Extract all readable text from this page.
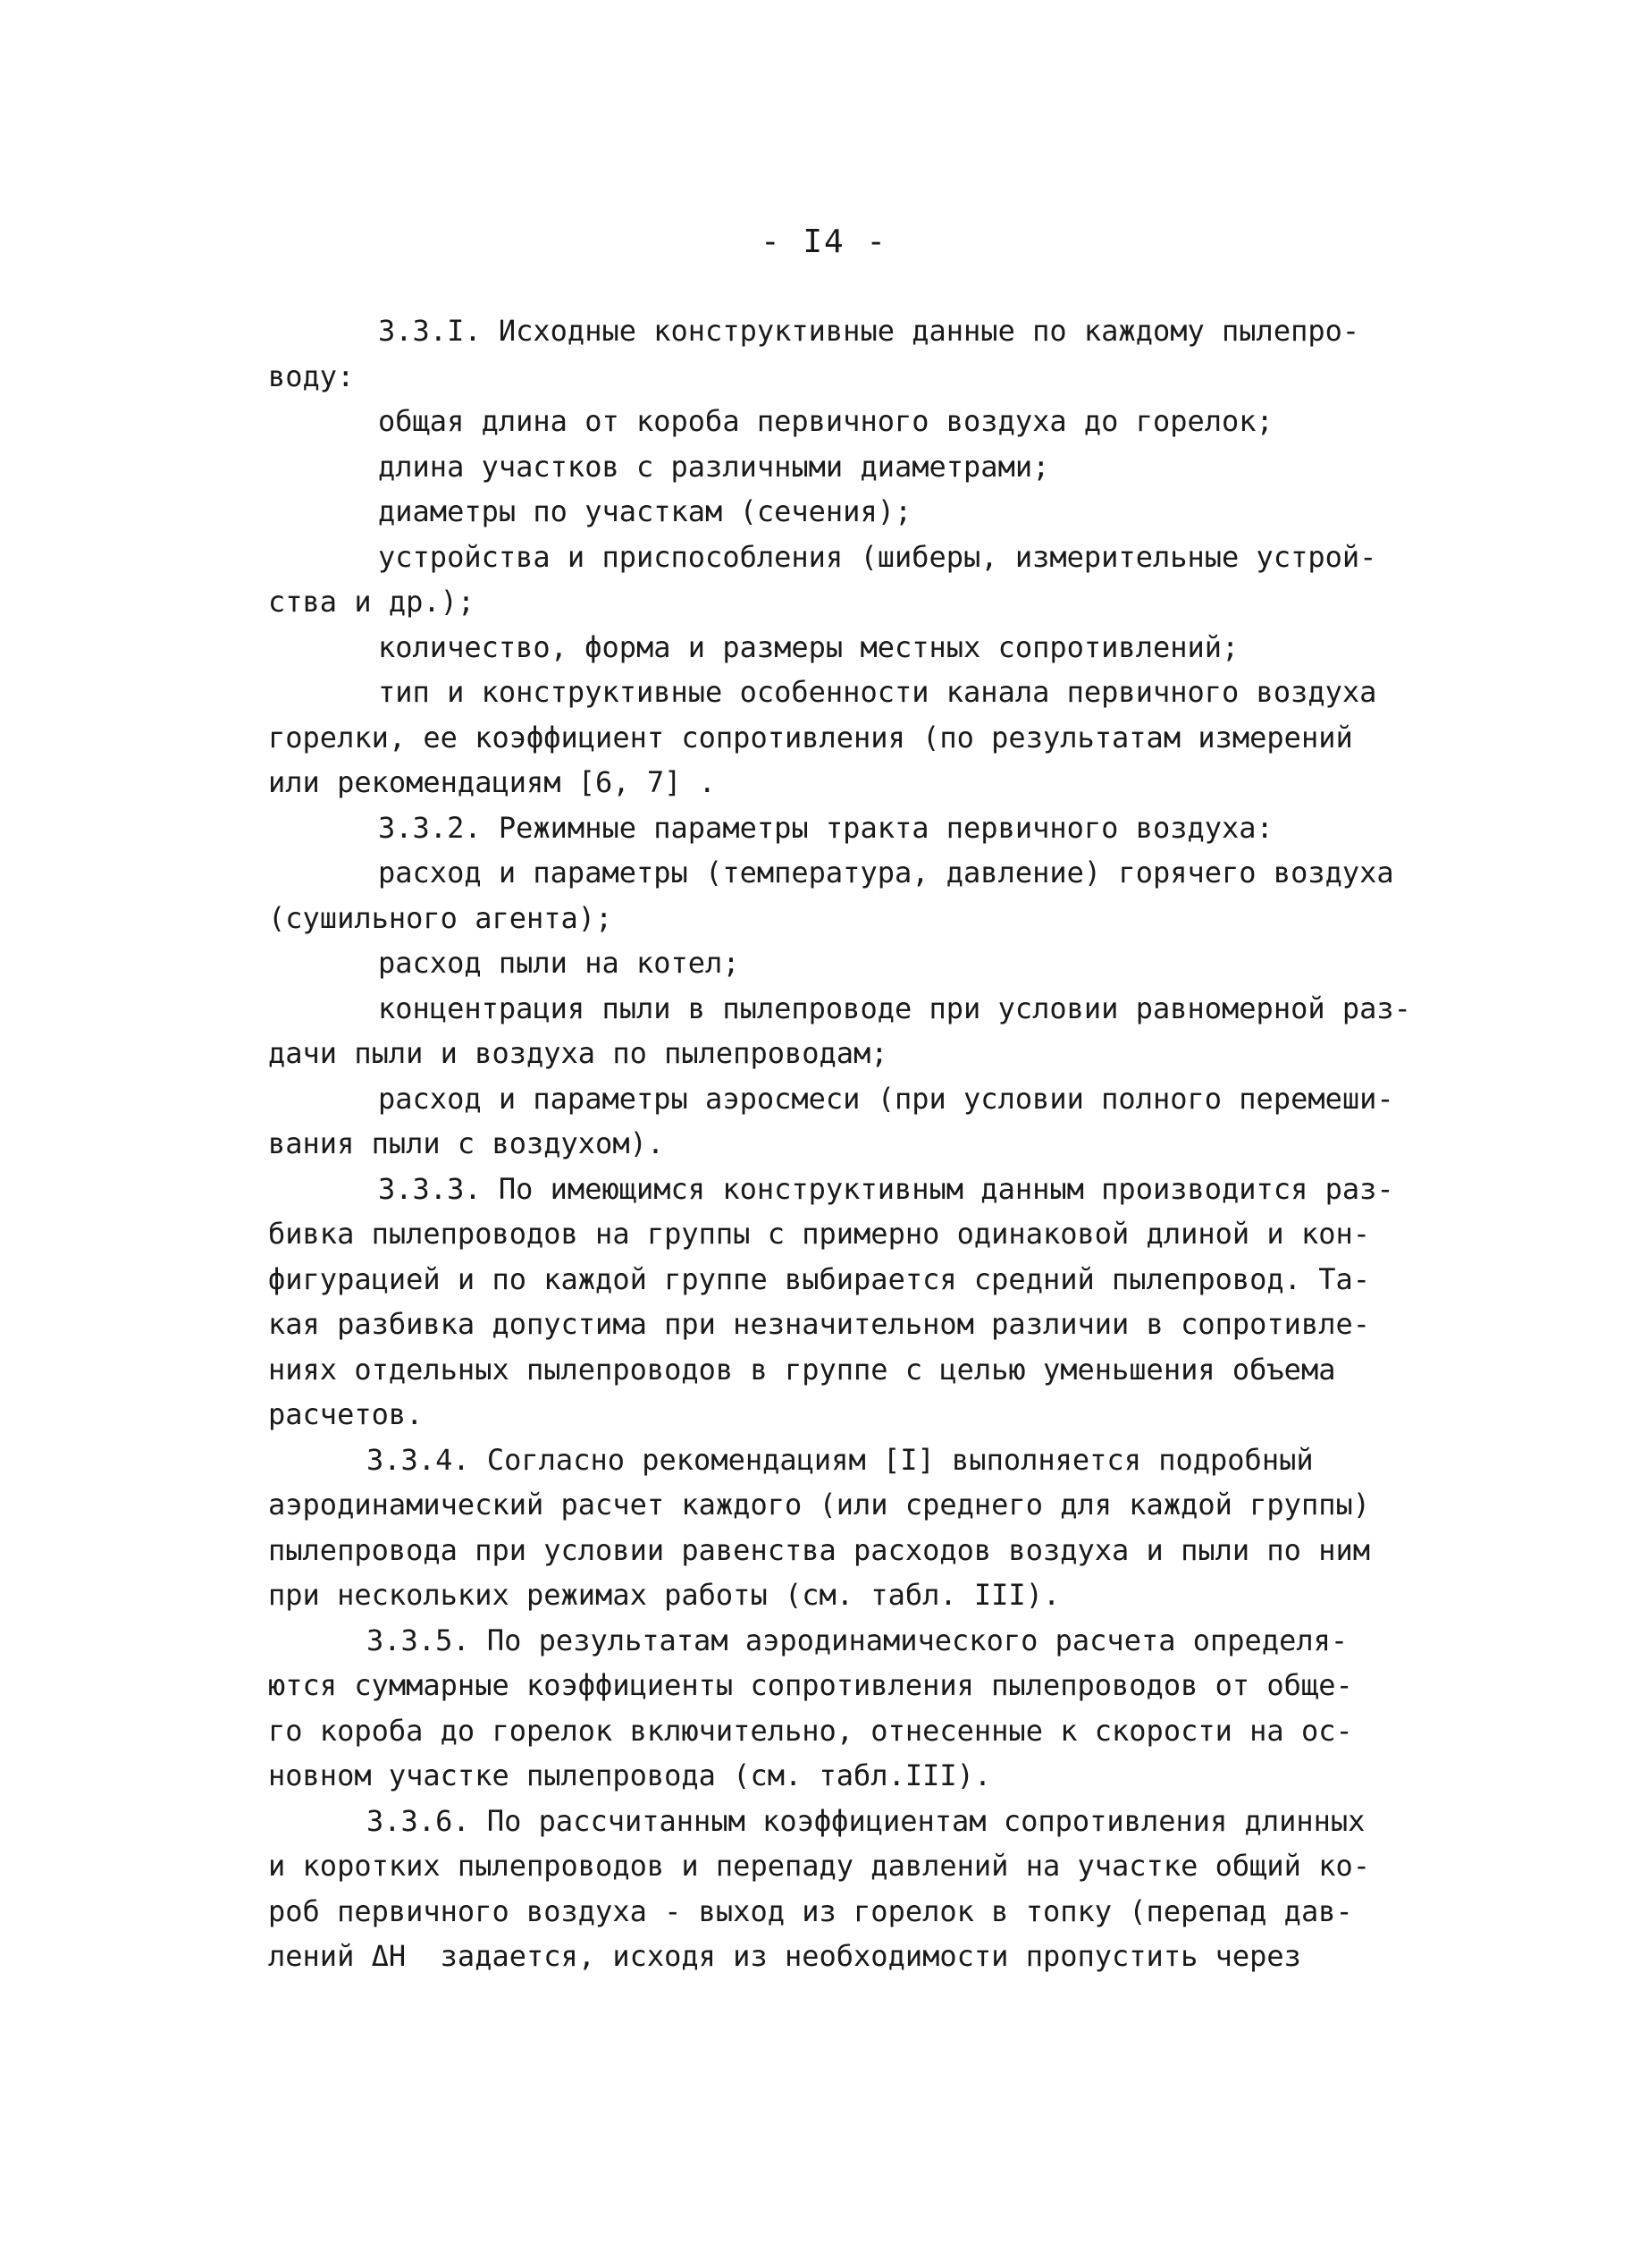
- I4 -
3.3.I. Исходные конструктивные данные по каждому пылепро-
воду:
общая длина от короба первичного воздуха до горелок;
длина участков с различными диаметрами;
диаметры по участкам (сечения);
устройства и приспособления (шиберы, измерительные устрой-
ства и др.);
количество, форма и размеры местных сопротивлений;
тип и конструктивные особенности канала первичного воздуха
горелки, ее коэффициент сопротивления (по результатам измерений
или рекомендациям [6, 7] .
3.3.2. Режимные параметры тракта первичного воздуха:
расход и параметры (температура, давление) горячего воздуха
(сушильного агента);
расход пыли на котел;
концентрация пыли в пылепроводе при условии равномерной раз-
дачи пыли и воздуха по пылепроводам;
расход и параметры аэросмеси (при условии полного перемеши-
вания пыли с воздухом).
3.3.3. По имеющимся конструктивным данным производится раз-
бивка пылепроводов на группы с примерно одинаковой длиной и кон-
фигурацией и по каждой группе выбирается средний пылепровод. Та-
кая разбивка допустима при незначительном различии в сопротивле-
ниях отдельных пылепроводов в группе с целью уменьшения объема
расчетов.
3.3.4. Согласно рекомендациям [I] выполняется подробный
аэродинамический расчет каждого (или среднего для каждой группы)
пылепровода при условии равенства расходов воздуха и пыли по ним
при нескольких режимах работы (см. табл. III).
3.3.5. По результатам аэродинамического расчета определя-
ются суммарные коэффициенты сопротивления пылепроводов от обще-
го короба до горелок включительно, отнесенные к скорости на ос-
новном участке пылепровода (см. табл.III).
3.3.6. По рассчитанным коэффициентам сопротивления длинных
и коротких пылепроводов и перепаду давлений на участке общий ко-
роб первичного воздуха - выход из горелок в топку (перепад дав-
лений ΔН  задается, исходя из необходимости пропустить через
